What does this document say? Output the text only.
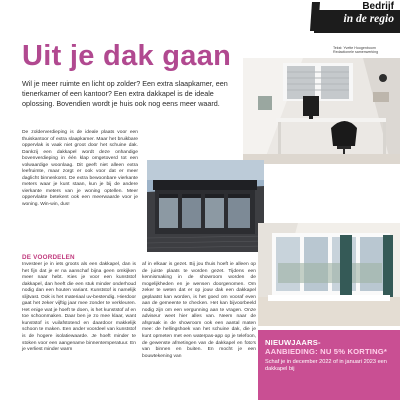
Bedrijf
in de regio
Tekst: Yvette Hoogenboom
Redactionele samenwerking
Uit je dak gaan
Wil je meer ruimte en licht op zolder? Een extra slaapkamer, een tienerkamer of een kantoor? Een extra dakkapel is de ideale oplossing. Bovendien wordt je huis ook nog eens meer waard.

De zolderverdieping is de ideale plaats voor een thuiskantoor of extra slaapkamer. Maar het bruikbare oppervlak is vaak niet groot door het schuine dak. Dankzij een dakkapel wordt deze onhandige bovenverdieping in één klap omgetoverd tot een volwaardige woonlaag. Dit geeft niet alleen extra leefruimte, maar zorgt er ook voor dat er meer daglicht binnenkomt. De extra bewoonbare vierkante meters waar je kunt staan, kun je bij de andere vierkante meters van je woning optellen. Meer oppervlakte betekent ook een meerwaarde voor je woning. Win-win, dus!

DE VOORDELEN

Investeer je in iets groots als een dakkapel, dan is het fijn dat je er na aanschaf bijna geen omkijken meer naar hebt. Kies je voor een kunststof dakkapel, dan heeft die een stuk minder onderhoud nodig dan een houten variant. Kunststof is namelijk slijtvast. Ook is het materiaal uv-bestendig. Hierdoor gaat het zeker vijftig jaar mee zonder te verkleuren. Het enige wat je hoeft te doen, is het kunststof af en toe schoonmaken. Daar ben je zo mee klaar, want kunststof is vuilafstotend en daardoor makkelijk schoon te maken. Een ander voordeel van kunststof is de hogere isolatiewaarde. Je hoeft minder te stoken voor een aangename binnentemperatuur. En je verliest minder warm

af in elkaar is gezet. Bij jou thuis hoeft ie alleen op de juiste plaats te worden gezet. Tijdens een kennismaking in de showroom worden de mogelijkheden en je wensen doorgenomen. Om zeker te weten dat er op jouw dak een dakkapel geplaatst kan worden, is het goed om vooraf even aan de gemeente te checken. Het kan bijvoorbeeld nodig zijn om een vergunning aan te vragen. Onze adviseur weet hier alles van. Neem naar de afspraak in de showroom ook een aantal maten mee: de hellingshoek van het schuine dak, die je kunt opmeten met een waterpas-app op je telefoon, de gewenste afmetingen van de dakkapel en foto's van binnen en buiten. En mocht je een bouwtekening van

NIEUWJAARS-
AANBIEDING: NU 5% KORTING*
Schaf je in december 2022 of in januari 2023 een dakkapel bij
